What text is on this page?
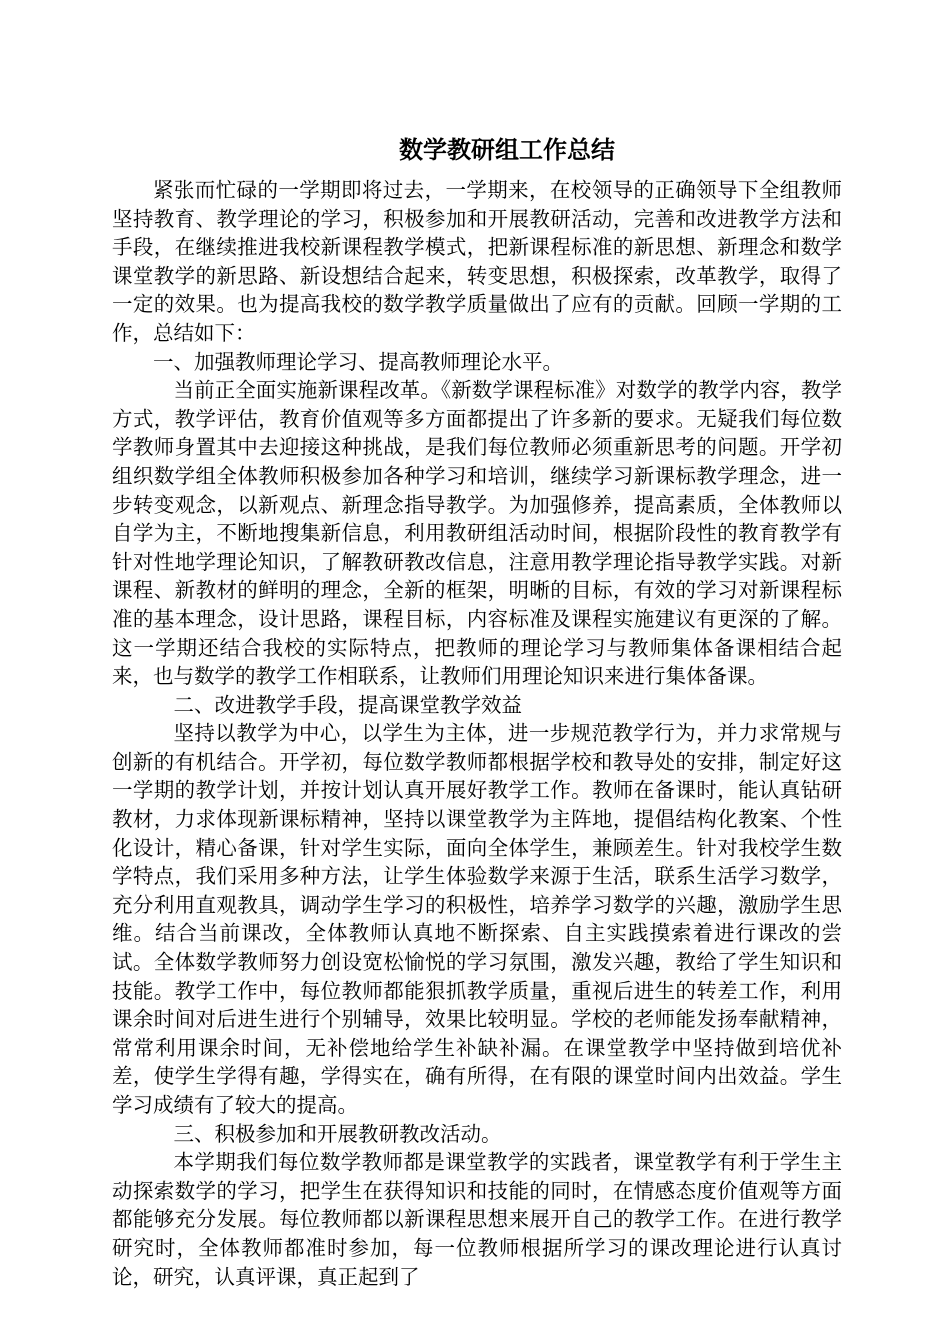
数学教研组工作总结

紧张而忙碌的一学期即将过去，一学期来，在校领导的正确领导下全组教师坚持教育、教学理论的学习，积极参加和开展教研活动，完善和改进教学方法和手段，在继续推进我校新课程教学模式，把新课程标准的新思想、新理念和数学课堂教学的新思路、新设想结合起来，转变思想，积极探索，改革教学，取得了一定的效果。也为提高我校的数学教学质量做出了应有的贡献。回顾一学期的工作，总结如下：

一、加强教师理论学习、提高教师理论水平。

当前正全面实施新课程改革。《新数学课程标准》对数学的教学内容，教学方式，教学评估，教育价值观等多方面都提出了许多新的要求。无疑我们每位数学教师身置其中去迎接这种挑战，是我们每位教师必须重新思考的问题。开学初组织数学组全体教师积极参加各种学习和培训，继续学习新课标教学理念，进一步转变观念，以新观点、新理念指导教学。为加强修养，提高素质，全体教师以自学为主，不断地搜集新信息，利用教研组活动时间，根据阶段性的教育教学有针对性地学理论知识，了解教研教改信息，注意用教学理论指导教学实践。对新课程、新教材的鲜明的理念，全新的框架，明晰的目标，有效的学习对新课程标准的基本理念，设计思路，课程目标，内容标准及课程实施建议有更深的了解。这一学期还结合我校的实际特点，把教师的理论学习与教师集体备课相结合起来，也与数学的教学工作相联系，让教师们用理论知识来进行集体备课。

二、改进教学手段，提高课堂教学效益

坚持以教学为中心，以学生为主体，进一步规范教学行为，并力求常规与创新的有机结合。开学初，每位数学教师都根据学校和教导处的安排，制定好这一学期的教学计划，并按计划认真开展好教学工作。教师在备课时，能认真钻研教材，力求体现新课标精神，坚持以课堂教学为主阵地，提倡结构化教案、个性化设计，精心备课，针对学生实际，面向全体学生，兼顾差生。针对我校学生数学特点，我们采用多种方法，让学生体验数学来源于生活，联系生活学习数学，充分利用直观教具，调动学生学习的积极性，培养学习数学的兴趣，激励学生思维。结合当前课改，全体教师认真地不断探索、自主实践摸索着进行课改的尝试。全体数学教师努力创设宽松愉悦的学习氛围，激发兴趣，教给了学生知识和技能。教学工作中，每位教师都能狠抓教学质量，重视后进生的转差工作，利用课余时间对后进生进行个别辅导，效果比较明显。学校的老师能发扬奉献精神，常常利用课余时间，无补偿地给学生补缺补漏。在课堂教学中坚持做到培优补差，使学生学得有趣，学得实在，确有所得，在有限的课堂时间内出效益。学生学习成绩有了较大的提高。

三、积极参加和开展教研教改活动。

本学期我们每位数学教师都是课堂教学的实践者，课堂教学有利于学生主动探索数学的学习，把学生在获得知识和技能的同时，在情感态度价值观等方面都能够充分发展。每位教师都以新课程思想来展开自己的教学工作。在进行教学研究时，全体教师都准时参加，每一位教师根据所学习的课改理论进行认真讨论，研究，认真评课，真正起到了
